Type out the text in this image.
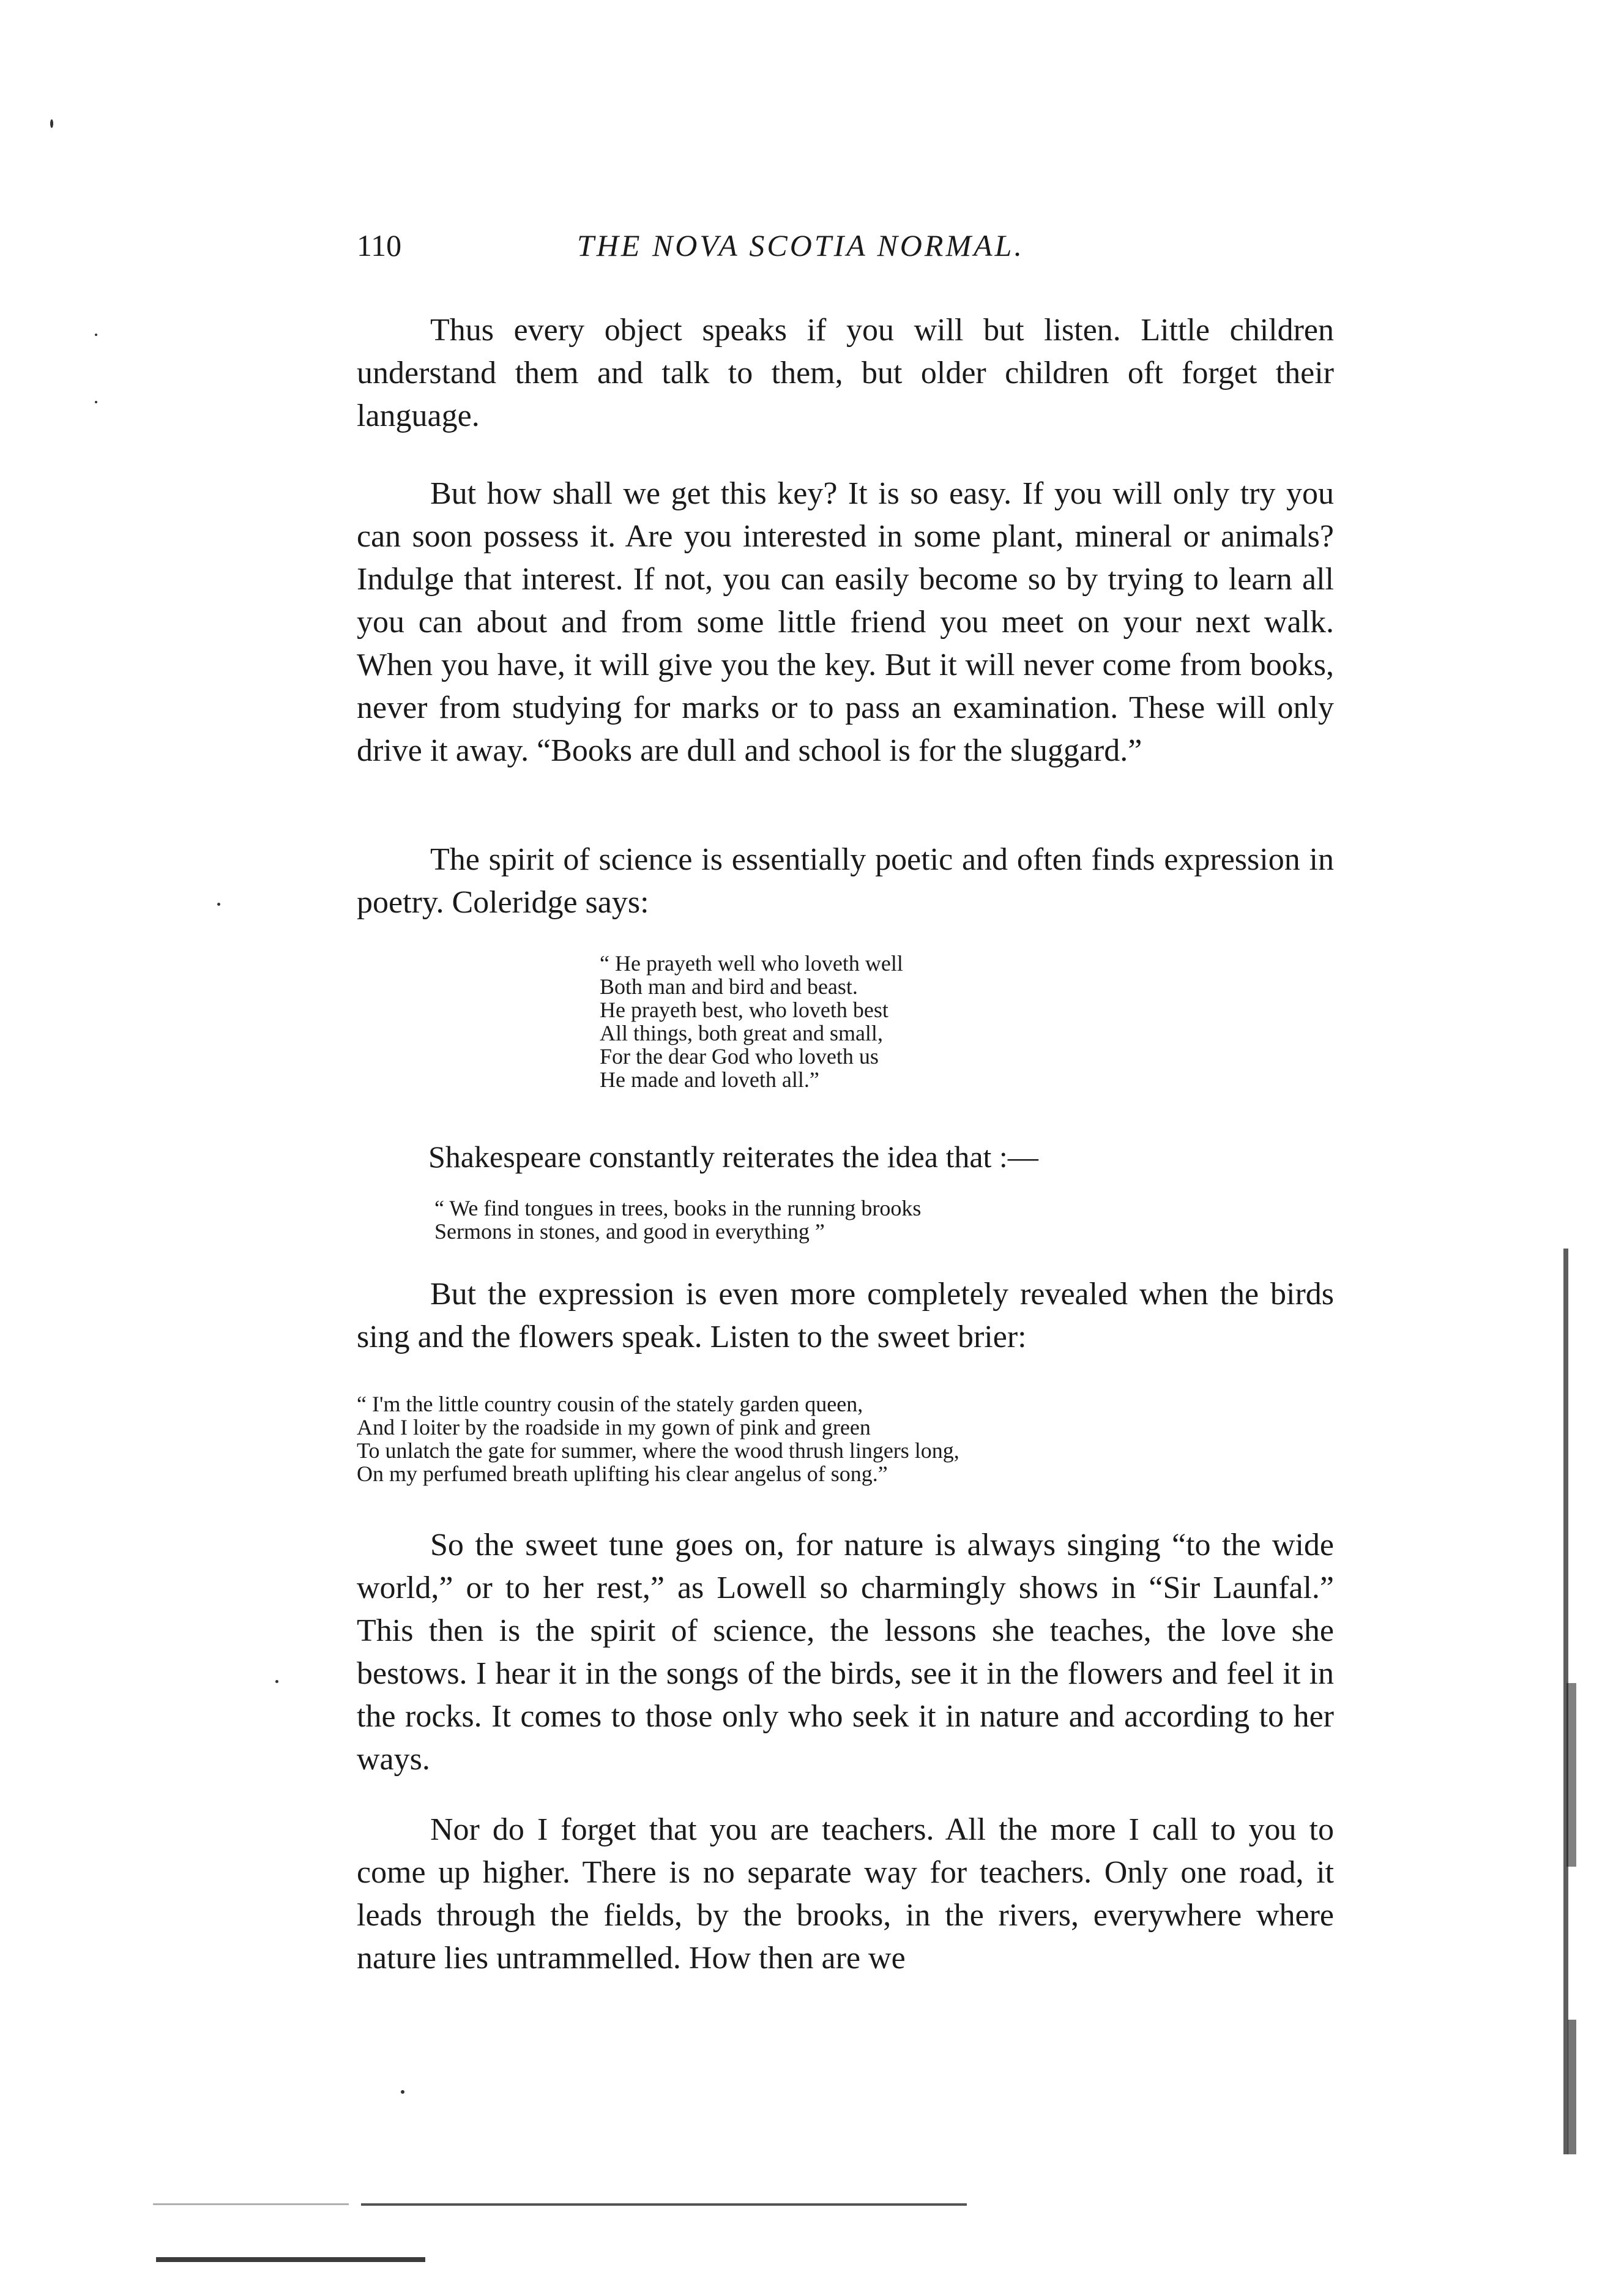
110	THE NOVA SCOTIA NORMAL.

Thus every object speaks if you will but listen. Little children understand them and talk to them, but older children oft forget their language.

But how shall we get this key? It is so easy. If you will only try you can soon possess it. Are you interested in some plant, mineral or animals? Indulge that interest. If not, you can easily become so by trying to learn all you can about and from some little friend you meet on your next walk. When you have, it will give you the key. But it will never come from books, never from studying for marks or to pass an examination. These will only drive it away. “Books are dull and school is for the sluggard.”

The spirit of science is essentially poetic and often finds expression in poetry. Coleridge says:

“ He prayeth well who loveth well
Both man and bird and beast.
He prayeth best, who loveth best
All things, both great and small,
For the dear God who loveth us
He made and loveth all.”
Shakespeare constantly reiterates the idea that :—
“ We find tongues in trees, books in the running brooks
Sermons in stones, and good in everything ”

But the expression is even more completely revealed when the birds sing and the flowers speak. Listen to the sweet brier:

“ I'm the little country cousin of the stately garden queen,
And I loiter by the roadside in my gown of pink and green
To unlatch the gate for summer, where the wood thrush lingers long,
On my perfumed breath uplifting his clear angelus of song.”

So the sweet tune goes on, for nature is always singing “to the wide world,” or to her rest,” as Lowell so charmingly shows in “Sir Launfal.” This then is the spirit of science, the lessons she teaches, the love she bestows. I hear it in the songs of the birds, see it in the flowers and feel it in the rocks. It comes to those only who seek it in nature and according to her ways.

Nor do I forget that you are teachers. All the more I call to you to come up higher. There is no separate way for teachers. Only one road, it leads through the fields, by the brooks, in the rivers, everywhere where nature lies untrammelled. How then are we
